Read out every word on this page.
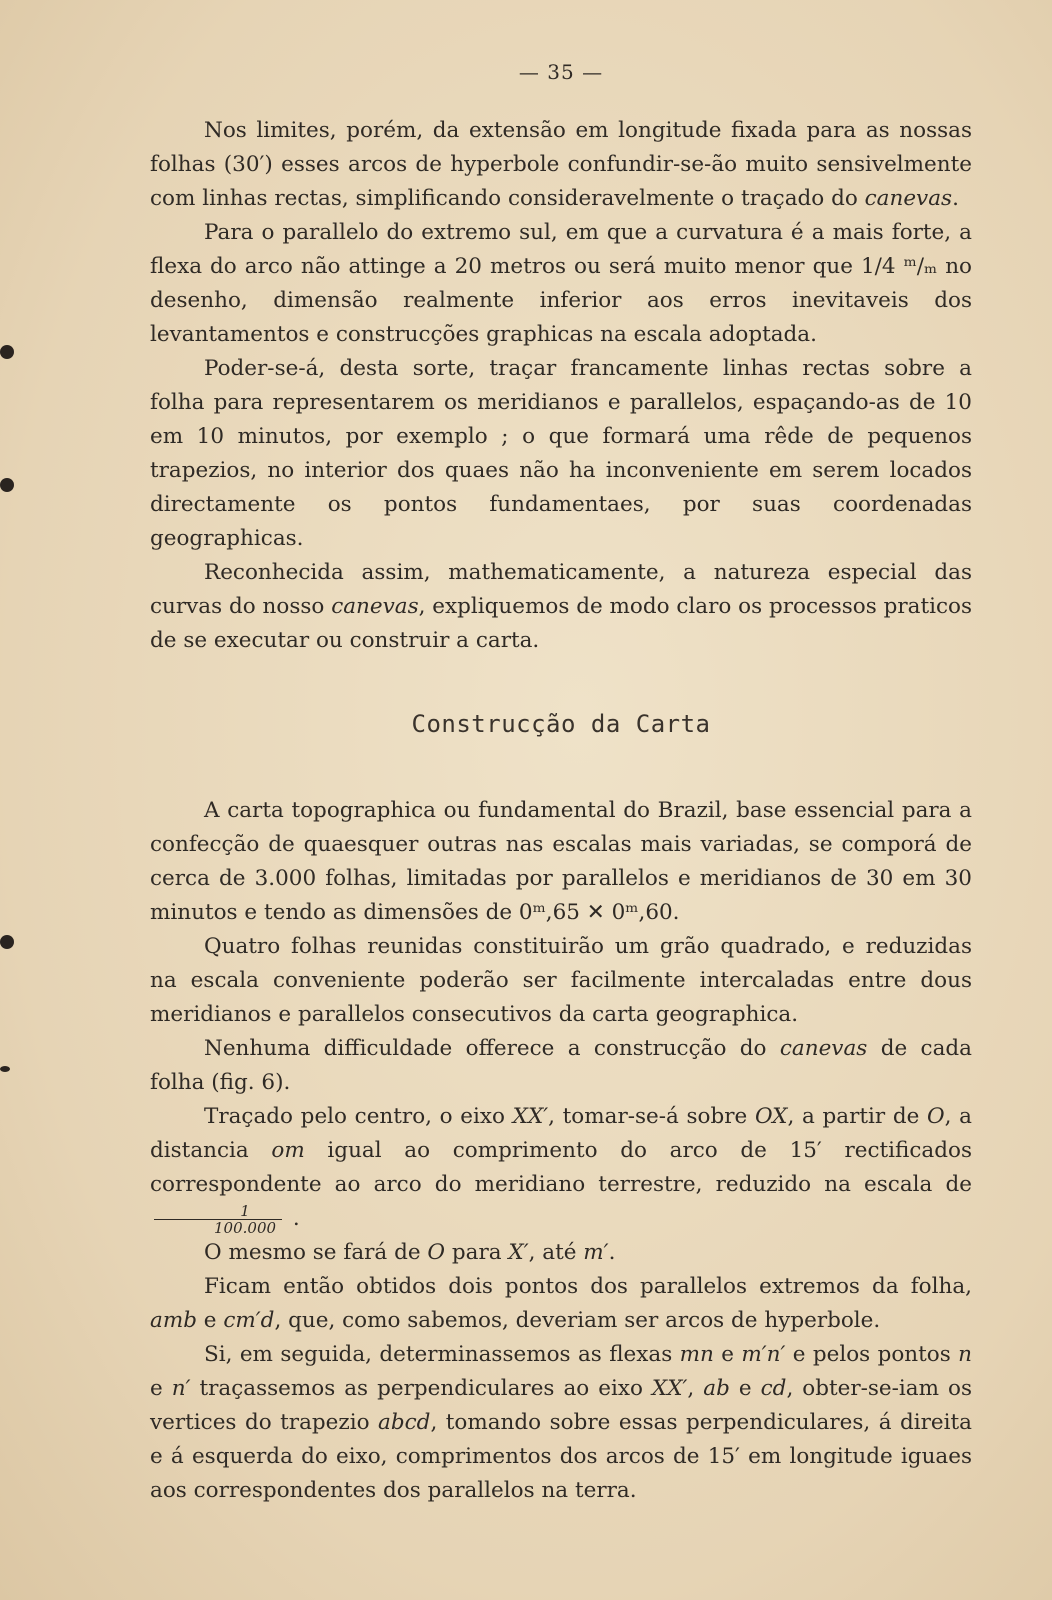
— 35 —

Nos limites, porém, da extensão em longitude fixada para as nossas folhas (30′) esses arcos de hyperbole confundir-se-ão muito sensivelmente com linhas rectas, simplificando consideravelmente o traçado do canevas.

Para o parallelo do extremo sul, em que a curvatura é a mais forte, a flexa do arco não attinge a 20 metros ou será muito menor que 1/4 ᵐ/ₘ no desenho, dimensão realmente inferior aos erros inevitaveis dos levantamentos e construcções graphicas na escala adoptada.

Poder-se-á, desta sorte, traçar francamente linhas rectas sobre a folha para representarem os meridianos e parallelos, espaçando-as de 10 em 10 minutos, por exemplo ; o que formará uma rêde de pequenos trapezios, no interior dos quaes não ha inconveniente em serem locados directamente os pontos fundamentaes, por suas coordenadas geographicas.

Reconhecida assim, mathematicamente, a natureza especial das curvas do nosso canevas, expliquemos de modo claro os processos praticos de se executar ou construir a carta.

Construcção da Carta

A carta topographica ou fundamental do Brazil, base essencial para a confecção de quaesquer outras nas escalas mais variadas, se comporá de cerca de 3.000 folhas, limitadas por parallelos e meridianos de 30 em 30 minutos e tendo as dimensões de 0ᵐ,65 ✕ 0ᵐ,60.

Quatro folhas reunidas constituirão um grão quadrado, e reduzidas na escala conveniente poderão ser facilmente intercaladas entre dous meridianos e parallelos consecutivos da carta geographica.

Nenhuma difficuldade offerece a construcção do canevas de cada folha (fig. 6).

Traçado pelo centro, o eixo XX′, tomar-se-á sobre OX, a partir de O, a distancia om igual ao comprimento do arco de 15′ rectificados correspondente ao arco do meridiano terrestre, reduzido na escala de
$\frac{1}{100.000}$ .

O mesmo se fará de O para X′, até m′.

Ficam então obtidos dois pontos dos parallelos extremos da folha, amb e cm′d, que, como sabemos, deveriam ser arcos de hyperbole.

Si, em seguida, determinassemos as flexas mn e m′n′ e pelos pontos n e n′ traçassemos as perpendiculares ao eixo XX′, ab e cd, obter-se-iam os vertices do trapezio abcd, tomando sobre essas perpendiculares, á direita e á esquerda do eixo, comprimentos dos arcos de 15′ em longitude iguaes aos correspondentes dos parallelos na terra.
